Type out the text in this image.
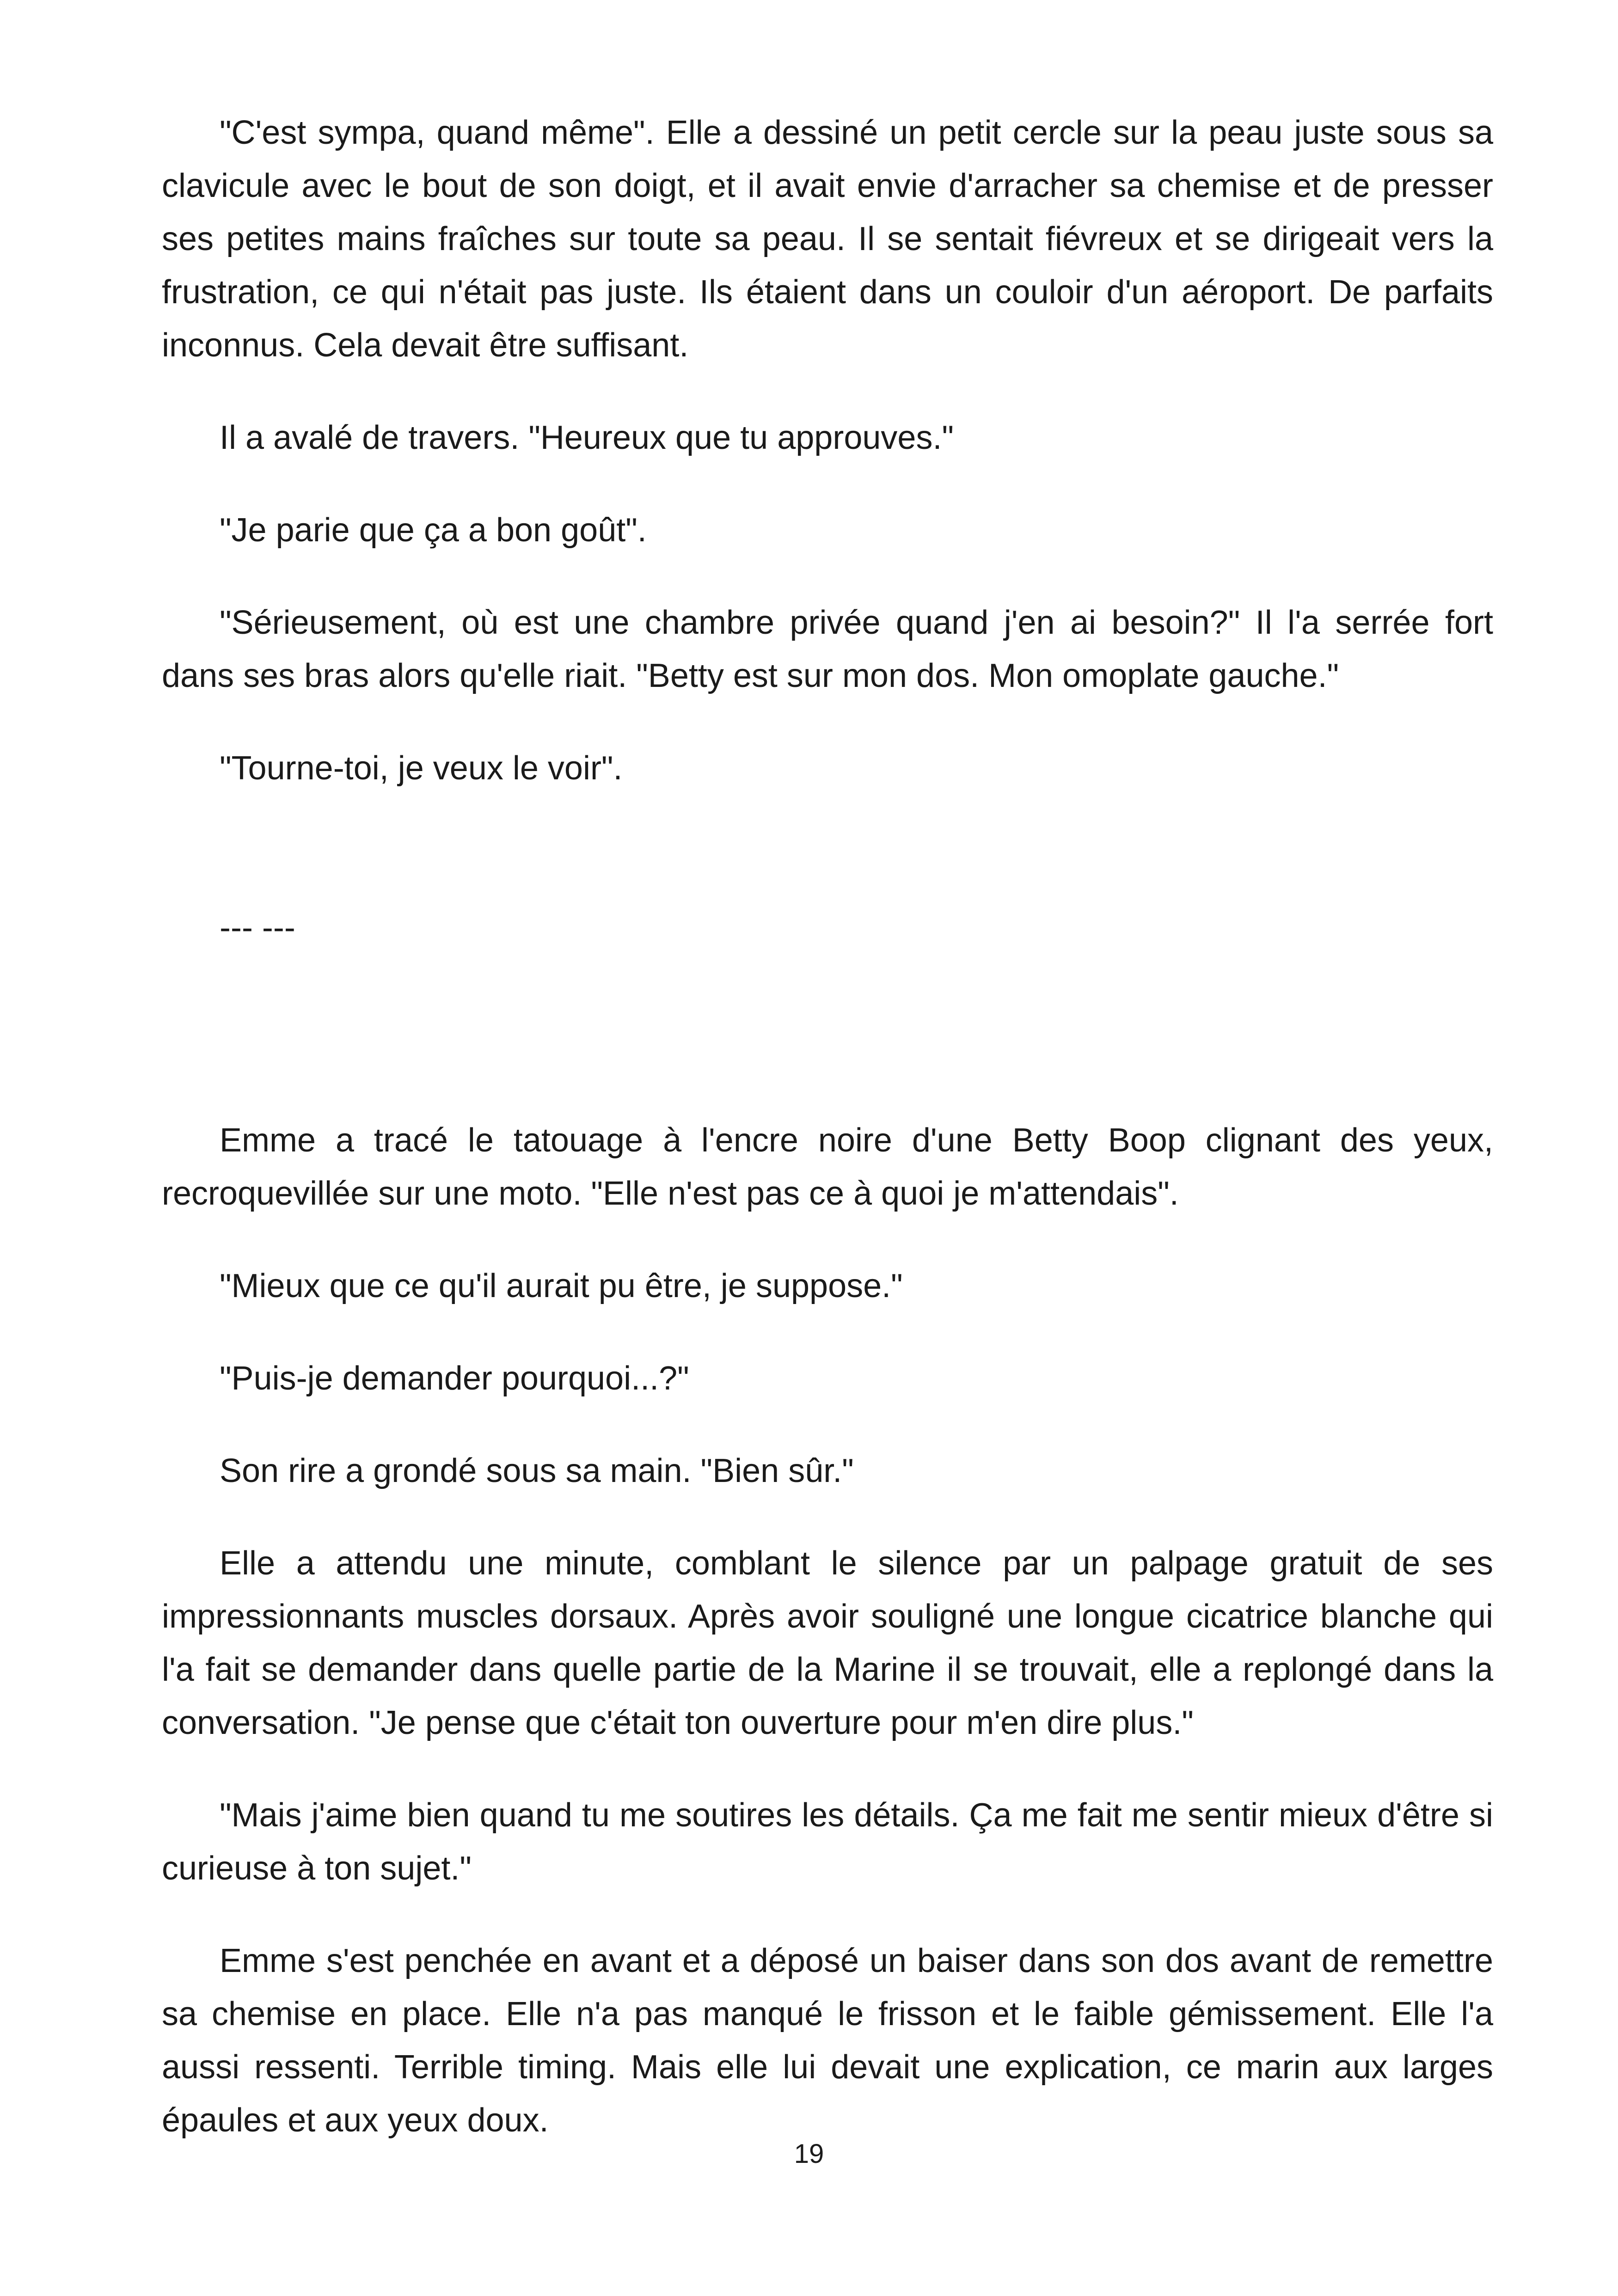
"C'est sympa, quand même". Elle a dessiné un petit cercle sur la peau juste sous sa clavicule avec le bout de son doigt, et il avait envie d'arracher sa chemise et de presser ses petites mains fraîches sur toute sa peau. Il se sentait fiévreux et se dirigeait vers la frustration, ce qui n'était pas juste. Ils étaient dans un couloir d'un aéroport. De parfaits inconnus. Cela devait être suffisant.

Il a avalé de travers. "Heureux que tu approuves."

"Je parie que ça a bon goût".

"Sérieusement, où est une chambre privée quand j'en ai besoin?" Il l'a serrée fort dans ses bras alors qu'elle riait. "Betty est sur mon dos. Mon omoplate gauche."

"Tourne-toi, je veux le voir".

--- ---

Emme a tracé le tatouage à l'encre noire d'une Betty Boop clignant des yeux, recroquevillée sur une moto. "Elle n'est pas ce à quoi je m'attendais".

"Mieux que ce qu'il aurait pu être, je suppose."

"Puis-je demander pourquoi...?"

Son rire a grondé sous sa main. "Bien sûr."

Elle a attendu une minute, comblant le silence par un palpage gratuit de ses impressionnants muscles dorsaux. Après avoir souligné une longue cicatrice blanche qui l'a fait se demander dans quelle partie de la Marine il se trouvait, elle a replongé dans la conversation. "Je pense que c'était ton ouverture pour m'en dire plus."

"Mais j'aime bien quand tu me soutires les détails. Ça me fait me sentir mieux d'être si curieuse à ton sujet."

Emme s'est penchée en avant et a déposé un baiser dans son dos avant de remettre sa chemise en place. Elle n'a pas manqué le frisson et le faible gémissement. Elle l'a aussi ressenti. Terrible timing. Mais elle lui devait une explication, ce marin aux larges épaules et aux yeux doux.

19
